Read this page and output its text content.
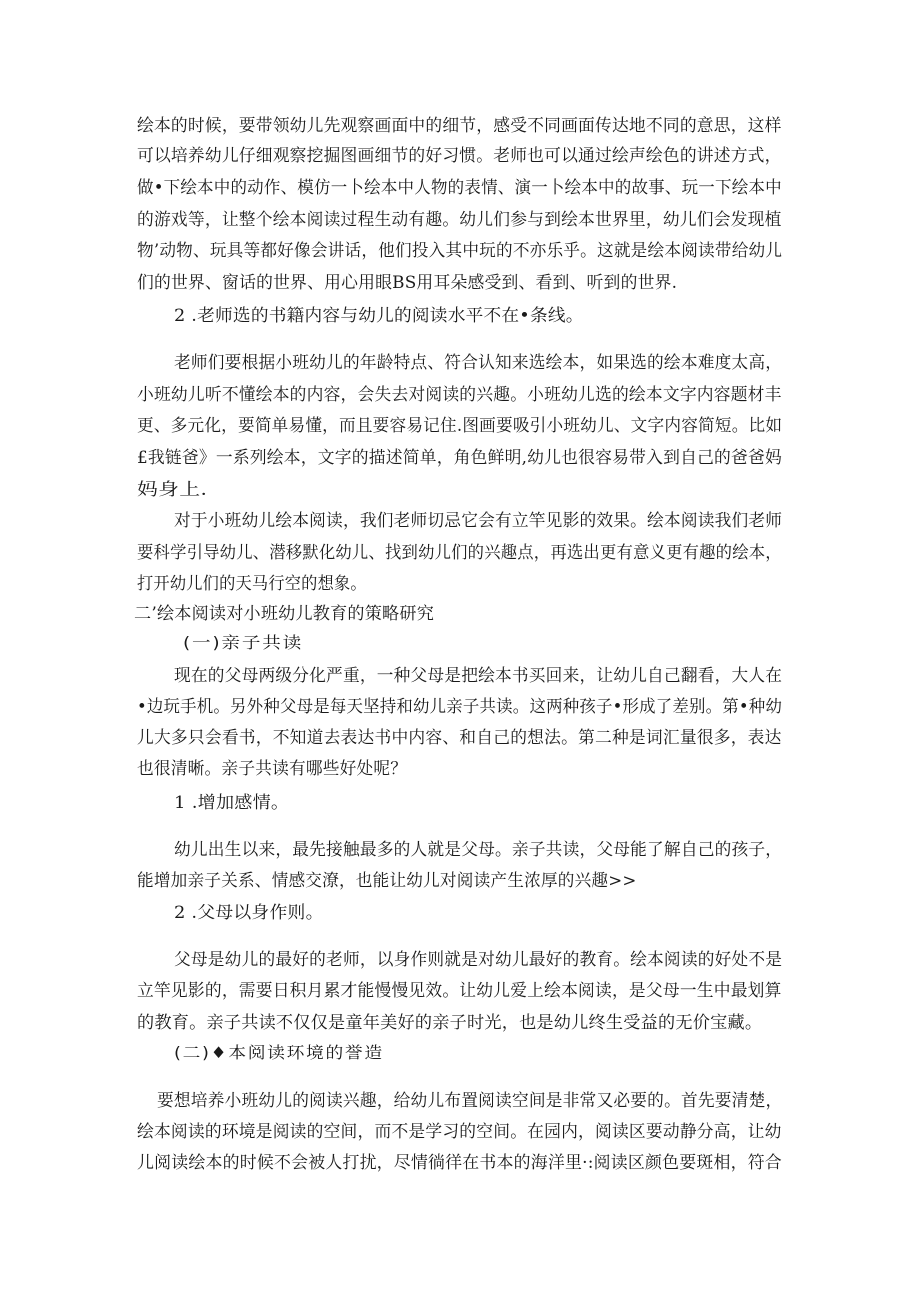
绘本的时候，要带领幼儿先观察画面中的细节，感受不同画面传达地不同的意思，这样
可以培养幼儿仔细观察挖掘图画细节的好习惯。老师也可以通过绘声绘色的讲述方式，
做•下绘本中的动作、模仿一卜绘本中人物的表情、演一卜绘本中的故事、玩一下绘本中
的游戏等，让整个绘本阅读过程生动有趣。幼儿们参与到绘本世界里，幼儿们会发现植
物’动物、玩具等都好像会讲话，他们投入其中玩的不亦乐乎。这就是绘本阅读带给幼儿
们的世界、窗话的世界、用心用眼BS用耳朵感受到、看到、听到的世界.
2 .老师选的书籍内容与幼儿的阅读水平不在•条线。
老师们要根据小班幼儿的年龄特点、符合认知来选绘本，如果选的绘本难度太高，
小班幼儿听不懂绘本的内容，会失去对阅读的兴趣。小班幼儿选的绘本文字内容题材丰
更、多元化，要简单易懂，而且要容易记住.图画要吸引小班幼儿、文字内容简短。比如
£我链爸》一系列绘本，文字的描述简单，角色鲜明,幼儿也很容易带入到自己的爸爸妈
妈身上.
对于小班幼儿绘本阅读，我们老师切忌它会有立竿见影的效果。绘本阅读我们老师
要科学引导幼儿、潜移默化幼儿、找到幼儿们的兴趣点，再选出更有意义更有趣的绘本，
打开幼儿们的天马行空的想象。
二’绘本阅读对小班幼儿教育的策略研究
(一)亲子共读
现在的父母两级分化严重，一种父母是把绘本书买回来，让幼儿自己翻看，大人在
•边玩手机。另外种父母是每天坚持和幼儿亲子共读。这两种孩子•形成了差别。第•种幼
儿大多只会看书，不知道去表达书中内容、和自己的想法。第二种是词汇量很多，表达
也很清晰。亲子共读有哪些好处呢？
1 .增加感情。
幼儿出生以来，最先接触最多的人就是父母。亲子共读，父母能了解自己的孩子，
能增加亲子关系、情感交潦，也能让幼儿对阅读产生浓厚的兴趣>>
2 .父母以身作则。
父母是幼儿的最好的老师，以身作则就是对幼儿最好的教育。绘本阅读的好处不是
立竿见影的，需要日积月累才能慢慢见效。让幼儿爱上绘本阅读，是父母一生中最划算
的教育。亲子共读不仅仅是童年美好的亲子时光，也是幼儿终生受益的无价宝藏。
(二)♦本阅读环境的誉造
要想培养小班幼儿的阅读兴趣，给幼儿布置阅读空间是非常又必要的。首先要清楚，
绘本阅读的环境是阅读的空间，而不是学习的空间。在园内，阅读区要动静分高，让幼
儿阅读绘本的时候不会被人打扰，尽情徜徉在书本的海洋里·:阅读区颜色要斑相，符合
